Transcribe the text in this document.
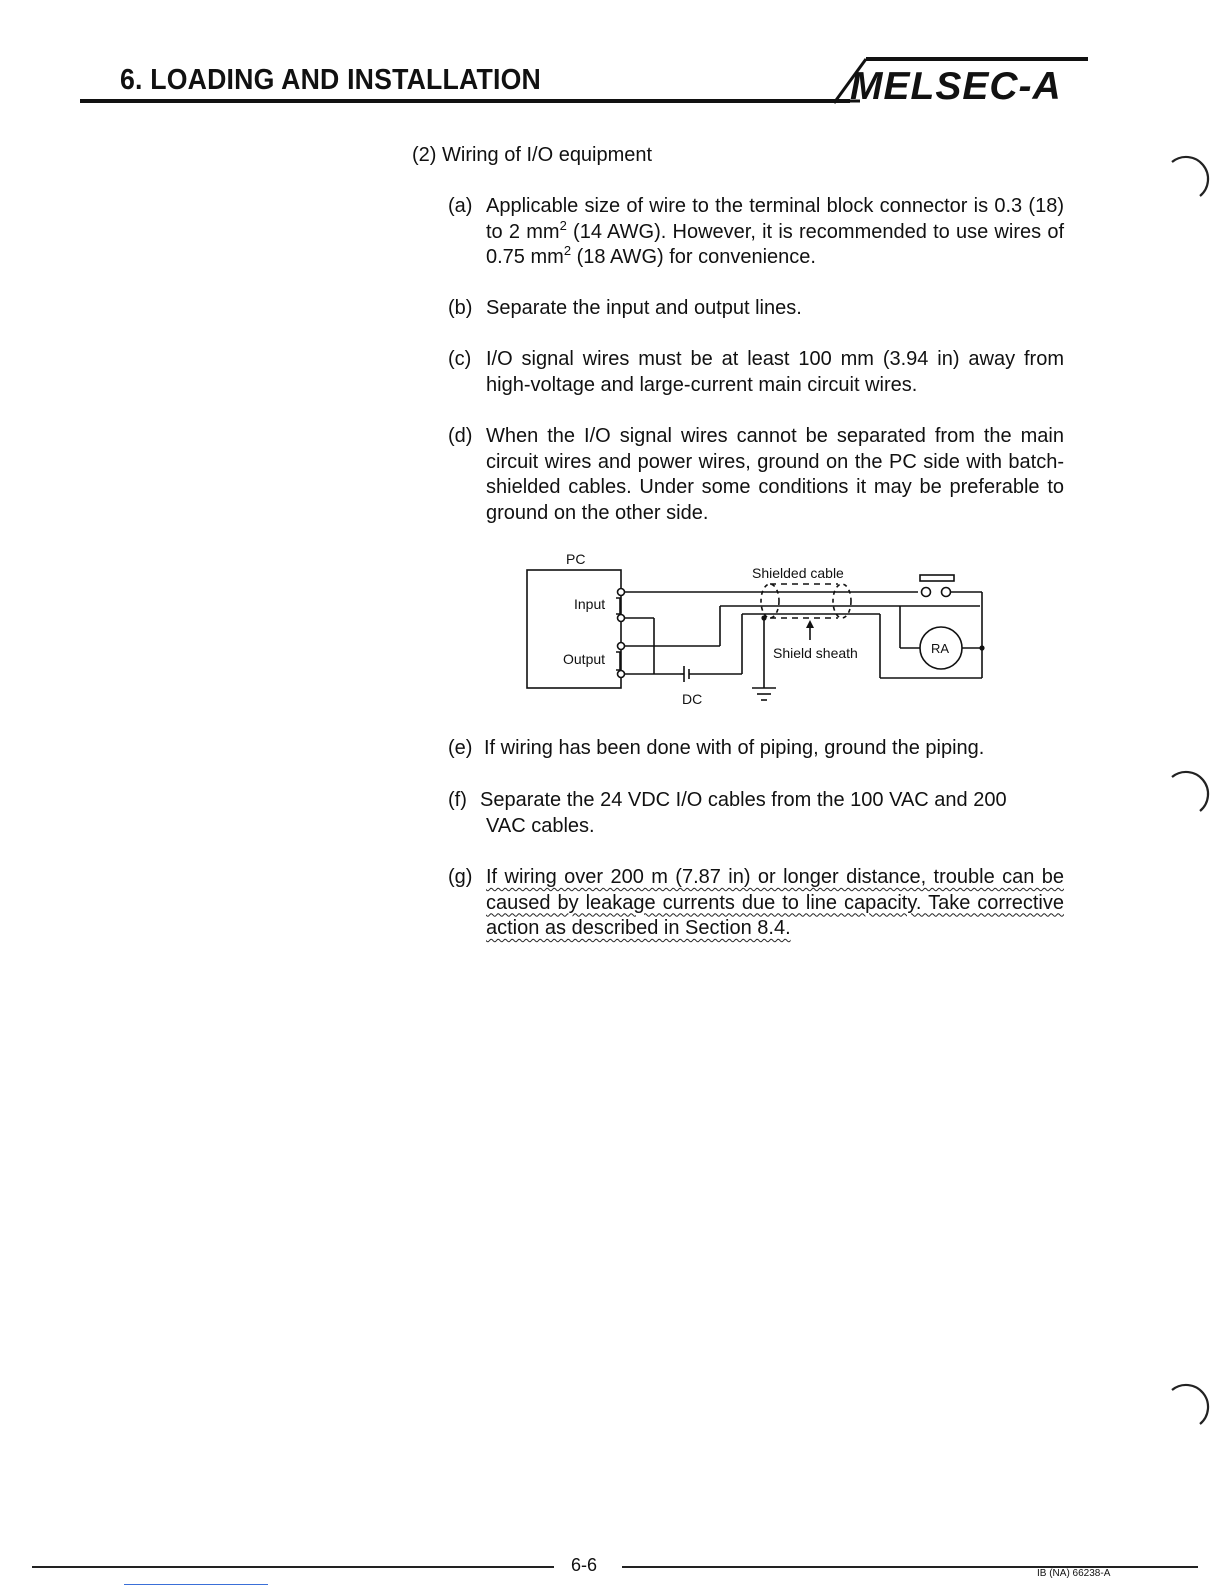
6. LOADING AND INSTALLATION	MELSEC-A
(2) Wiring of I/O equipment
(a) Applicable size of wire to the terminal block connector is 0.3 (18) to 2 $mm^2$ (14 AWG). However, it is recommended to use wires of 0.75 $mm^2$ (18 AWG) for convenience.
(b) Separate the input and output lines.
(c) I/O signal wires must be at least 100 mm (3.94 in) away from high-voltage and large-current main circuit wires.
(d) When the I/O signal wires cannot be separated from the main circuit wires and power wires, ground on the PC side with batch-shielded cables. Under some conditions it may be preferable to ground on the other side.
PC
Input
Output
Shielded cable
Shield sheath	RA
DC
(e) If wiring has been done with of piping, ground the piping.
(f) Separate the 24 VDC I/O cables from the 100 VAC and 200
VAC cables.
(g) If wiring over 200 m (7.87 in) or longer distance, trouble can be caused by leakage currents due to line capacity. Take corrective action as described in Section 8.4.
6-6	IB (NA) 66238-A
